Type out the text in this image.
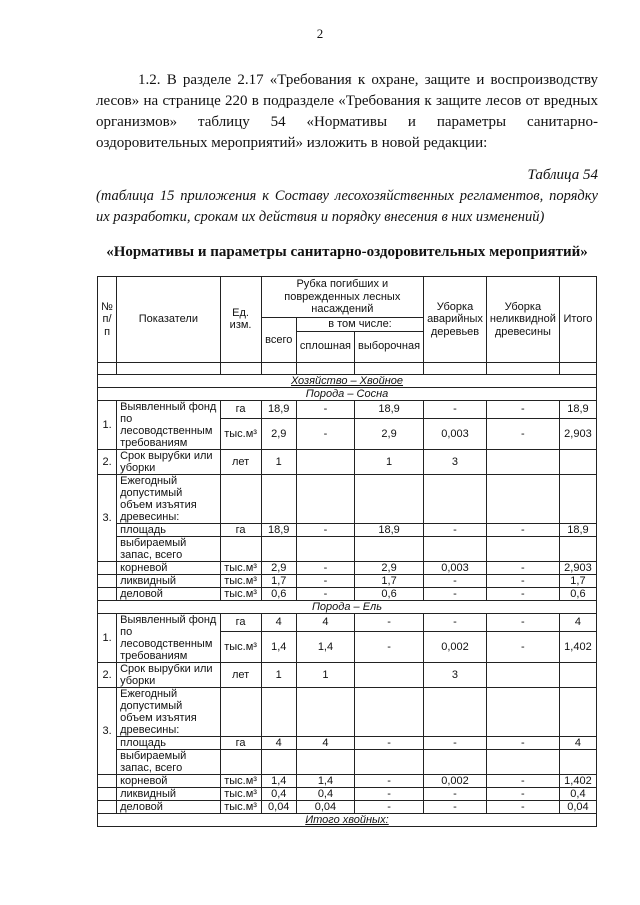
2
1.2. В разделе 2.17 «Требования к охране, защите и воспроизводству лесов» на странице 220 в подразделе «Требования к защите лесов от вредных организмов» таблицу 54 «Нормативы и параметры санитарно-оздоровительных мероприятий» изложить в новой редакции:
Таблица 54
(таблица 15 приложения к Составу лесохозяйственных регламентов, порядку их разработки, срокам их действия и порядку внесения в них изменений)
«Нормативы и параметры санитарно-оздоровительных мероприятий»
№ п/ п	Показатели	Ед. изм.	Рубка погибших и поврежденных лесных насаждений			Уборка аварийных деревьев	Уборка неликвидной древесины	Итого
			всего	в том числе:				
				сплошная	выборочная			

Хозяйство – Хвойное								
Порода – Сосна								
1.	Выявленный фонд по лесоводственным требованиям	га	18,9	-	18,9	-	-	18,9
		тыс.м³	2,9	-	2,9	0,003	-	2,903
2.	Срок вырубки или уборки	лет	1		1	3		
3.	Ежегодный допустимый объем изъятия древесины:							
	площадь	га	18,9	-	18,9	-	-	18,9
	выбираемый запас, всего							
	корневой	тыс.м³	2,9	-	2,9	0,003	-	2,903
	ликвидный	тыс.м³	1,7	-	1,7	-	-	1,7
	деловой	тыс.м³	0,6	-	0,6	-	-	0,6
Порода – Ель								
1.	Выявленный фонд по лесоводственным требованиям	га	4	4	-	-	-	4
		тыс.м³	1,4	1,4	-	0,002	-	1,402
2.	Срок вырубки или уборки	лет	1	1		3		
3.	Ежегодный допустимый объем изъятия древесины:							
	площадь	га	4	4	-	-	-	4
	выбираемый запас, всего							
	корневой	тыс.м³	1,4	1,4	-	0,002	-	1,402
	ликвидный	тыс.м³	0,4	0,4	-	-	-	0,4
	деловой	тыс.м³	0,04	0,04	-	-	-	0,04
Итого хвойных:								
